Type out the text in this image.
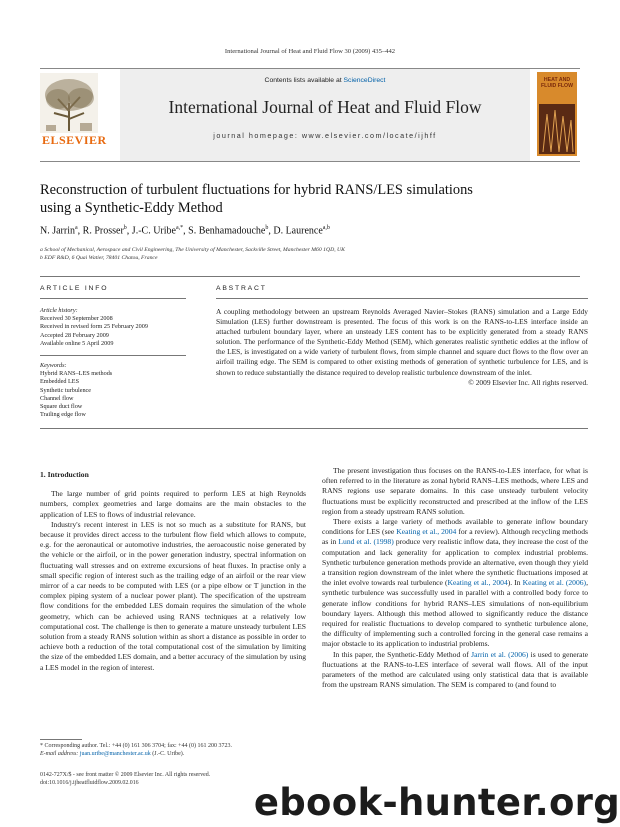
International Journal of Heat and Fluid Flow 30 (2009) 435–442
ELSEVIER
Contents lists available at ScienceDirect
International Journal of Heat and Fluid Flow
journal homepage: www.elsevier.com/locate/ijhff
HEAT AND FLUID FLOW
Reconstruction of turbulent fluctuations for hybrid RANS/LES simulations
using a Synthetic-Eddy Method
N. Jarrin$^a$, R. Prosser$^b$, J.-C. Uribe$^{a,*}$, S. Benhamadouche$^b$, D. Laurence$^{a,b}$
a School of Mechanical, Aerospace and Civil Engineering, The University of Manchester, Sackville Street, Manchester M60 1QD, UK
b EDF R&D, 6 Quai Watier, 78401 Chatou, France
ARTICLE INFO	ABSTRACT
Article history:
Received 30 September 2008
Received in revised form 25 February 2009
Accepted 28 February 2009
Available online 5 April 2009
Keywords:
Hybrid RANS–LES methods
Embedded LES
Synthetic turbulence
Channel flow
Square duct flow
Trailing edge flow
A coupling methodology between an upstream Reynolds Averaged Navier–Stokes (RANS) simulation and a Large Eddy Simulation (LES) further downstream is presented. The focus of this work is on the RANS-to-LES interface inside an attached turbulent boundary layer, where an unsteady LES content has to be explicitly generated from a steady RANS solution. The performance of the Synthetic-Eddy Method (SEM), which generates realistic synthetic eddies at the inflow of the LES, is investigated on a wide variety of turbulent flows, from simple channel and square duct flows to the flow over an airfoil trailing edge. The SEM is compared to other existing methods of generation of synthetic turbulence for LES, and is shown to reduce substantially the distance required to develop realistic turbulence downstream of the inlet.
© 2009 Elsevier Inc. All rights reserved.
1. Introduction

The large number of grid points required to perform LES at high Reynolds numbers, complex geometries and large domains are the main obstacles to the application of LES to flows of industrial relevance.

Industry's recent interest in LES is not so much as a substitute for RANS, but because it provides direct access to the turbulent flow field which allows to compute, e.g. for the aeronautical or automotive industries, the aeroacoustic noise generated by the vehicle or the airfoil, or in the power generation industry, spectral information on fluctuating wall stresses and on extreme excursions of heat fluxes. In practise only a small specific region of interest such as the trailing edge of an airfoil or the rear view mirror of a car needs to be computed with LES (or a pipe elbow or T junction in the complex piping system of a nuclear power plant). The specification of the upstream flow conditions for the embedded LES domain requires the simulation of the whole geometry, which can be achieved using RANS techniques at a relatively low computational cost. The challenge is then to generate a mature unsteady turbulent LES solution from a steady RANS solution within as short a distance as possible in order to achieve both a reduction of the total computational cost of the simulation by limiting the size of the embedded LES domain, and a better accuracy of the simulation by using a LES model in the region of interest.

The present investigation thus focuses on the RANS-to-LES interface, for what is often referred to in the literature as zonal hybrid RANS–LES methods, where LES and RANS regions use separate domains. In this case unsteady turbulent velocity fluctuations must be explicitly reconstructed and prescribed at the inflow of the LES region from a steady upstream RANS solution.

There exists a large variety of methods available to generate inflow boundary conditions for LES (see Keating et al., 2004 for a review). Although recycling methods as in Lund et al. (1998) produce very realistic inflow data, they increase the cost of the computation and lack generality for application to complex industrial problems. Synthetic turbulence generation methods provide an alternative, even though they yield a transition region downstream of the inlet where the synthetic fluctuations imposed at the inlet evolve towards real turbulence (Keating et al., 2004). In Keating et al. (2006), synthetic turbulence was successfully used in parallel with a controlled body force to generate inflow conditions for hybrid RANS–LES simulations of non-equilibrium boundary layers. Although this method allowed to significantly reduce the distance required for realistic fluctuations to develop compared to synthetic turbulence alone, the difficulty of implementing such a controlled forcing in the general case remains a major obstacle to its application to industrial problems.

In this paper, the Synthetic-Eddy Method of Jarrin et al. (2006) is used to generate fluctuations at the RANS-to-LES interface of several wall flows. All of the input parameters of the method are calculated using only statistical data that is available from the upstream RANS simulation. The SEM is compared to (and found to

* Corresponding author. Tel.: +44 (0) 161 306 3704; fax: +44 (0) 161 200 3723.
E-mail address: juan.uribe@manchester.ac.uk (J.-C. Uribe).
0142-727X/$ - see front matter © 2009 Elsevier Inc. All rights reserved.
doi:10.1016/j.ijheatfluidflow.2009.02.016	ebook-hunter.org
